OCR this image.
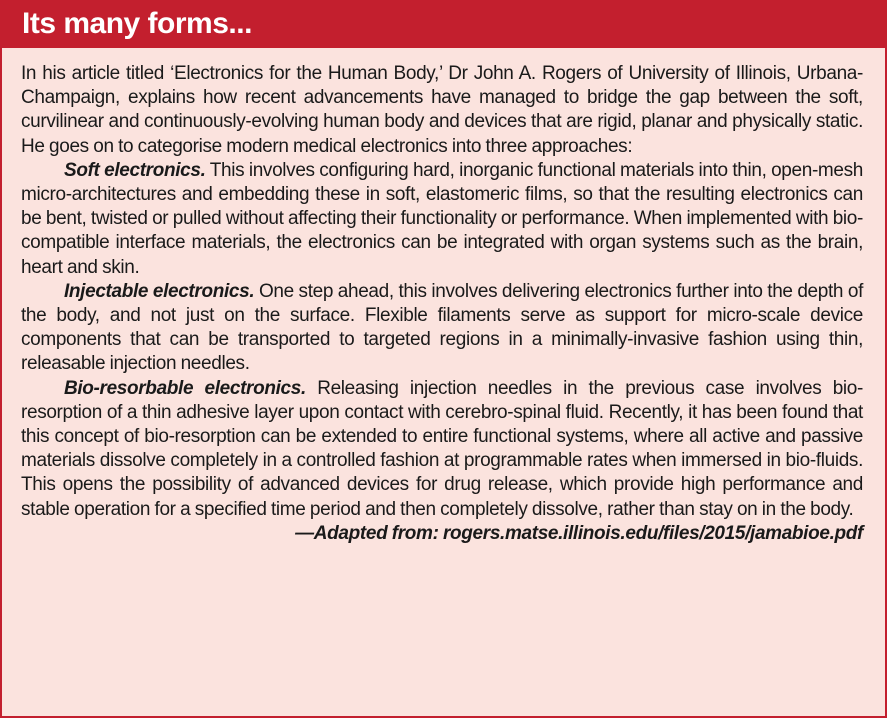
Its many forms...

In his article titled ‘Electronics for the Human Body,’ Dr John A. Rogers of University of Illinois, Urbana-Champaign, explains how recent advancements have managed to bridge the gap between the soft, curvilinear and continuously-evolving human body and devices that are rigid, planar and physically static. He goes on to categorise modern medical electronics into three approaches:

Soft electronics. This involves configuring hard, inorganic functional materials into thin, open-mesh micro-architectures and embedding these in soft, elastomeric films, so that the resulting electronics can be bent, twisted or pulled without affecting their functionality or performance. When implemented with bio-compatible interface materials, the electronics can be integrated with organ systems such as the brain, heart and skin.

Injectable electronics. One step ahead, this involves delivering electronics further into the depth of the body, and not just on the surface. Flexible filaments serve as support for micro-scale device components that can be transported to targeted regions in a minimally-invasive fashion using thin, releasable injection needles.

Bio-resorbable electronics. Releasing injection needles in the previous case involves bio-resorption of a thin adhesive layer upon contact with cerebro-spinal fluid. Recently, it has been found that this concept of bio-resorption can be extended to entire functional systems, where all active and passive materials dissolve completely in a controlled fashion at programmable rates when immersed in bio-fluids. This opens the possibility of advanced devices for drug release, which provide high performance and stable operation for a specified time period and then completely dissolve, rather than stay on in the body.

—Adapted from: rogers.matse.illinois.edu/files/2015/jamabioe.pdf
